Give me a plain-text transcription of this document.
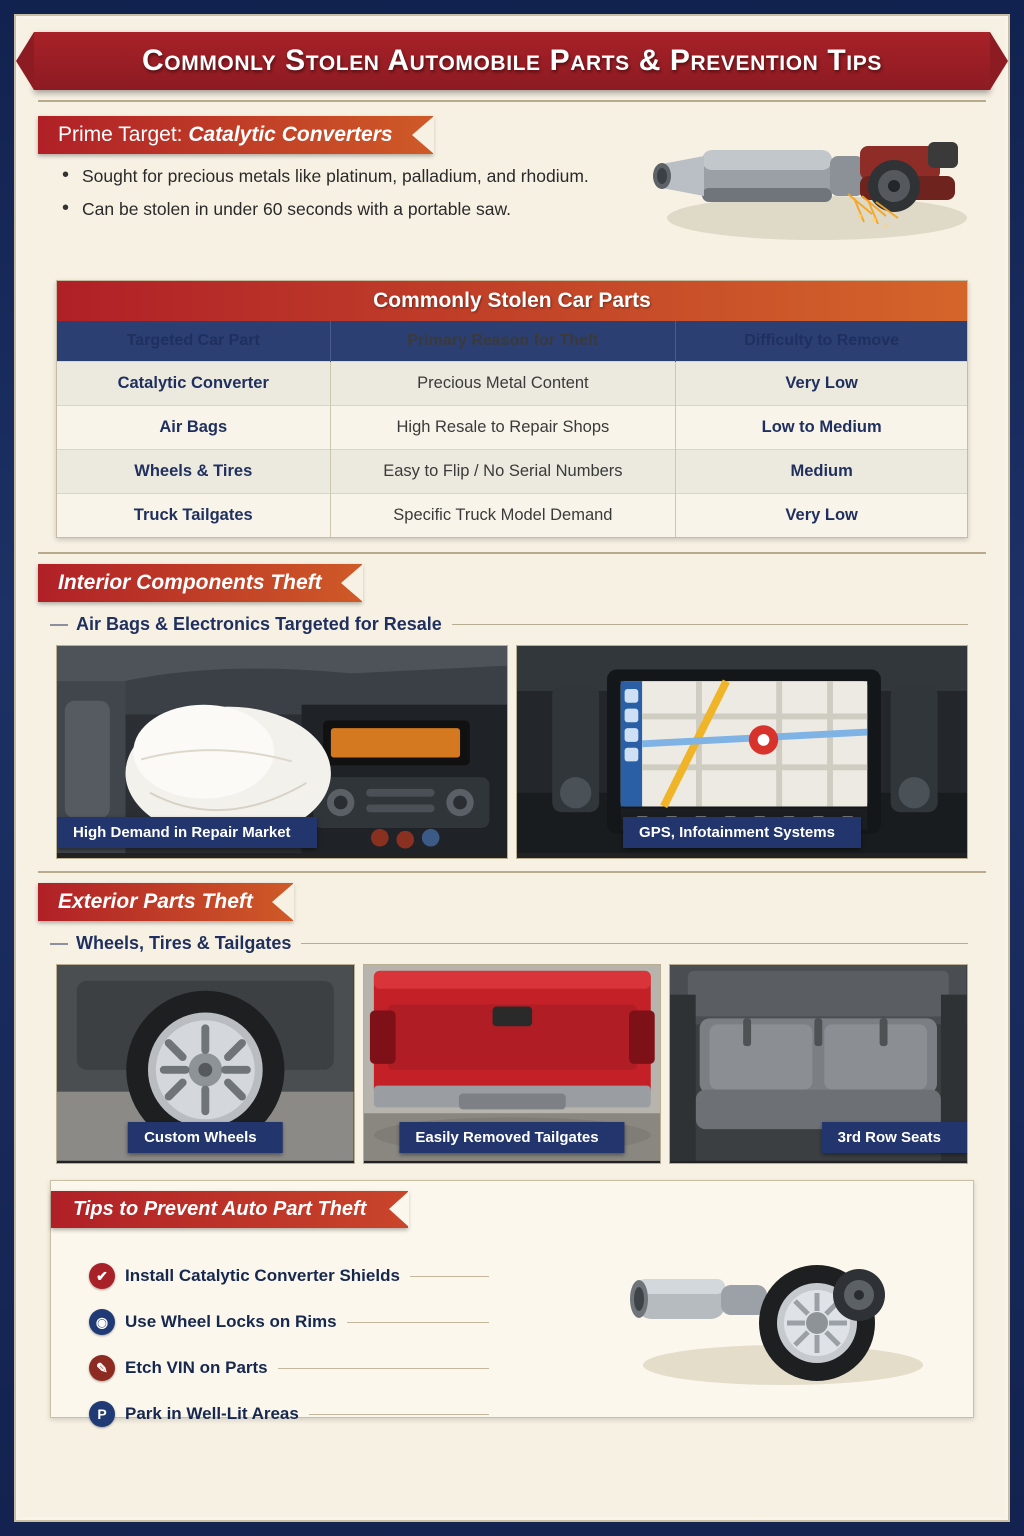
Commonly Stolen Automobile Parts & Prevention Tips
Prime Target: Catalytic Converters
• Sought for precious metals like platinum, palladium, and rhodium.
• Can be stolen in under 60 seconds with a portable saw.
Commonly Stolen Car Parts
Targeted Car Part	Primary Reason for Theft	Difficulty to Remove
Catalytic Converter	Precious Metal Content	Very Low
Air Bags	High Resale to Repair Shops	Low to Medium
Wheels & Tires	Easy to Flip / No Serial Numbers	Medium
Truck Tailgates	Specific Truck Model Demand	Very Low
Interior Components Theft
Air Bags & Electronics Targeted for Resale
High Demand in Repair Market	GPS, Infotainment Systems
Exterior Parts Theft
Wheels, Tires & Tailgates
Custom Wheels	Easily Removed Tailgates	3rd Row Seats
Tips to Prevent Auto Part Theft
✔	Install Catalytic Converter Shields
◉ Use Wheel Locks on Rims
✎	Etch VIN on Parts
P	Park in Well-Lit Areas
